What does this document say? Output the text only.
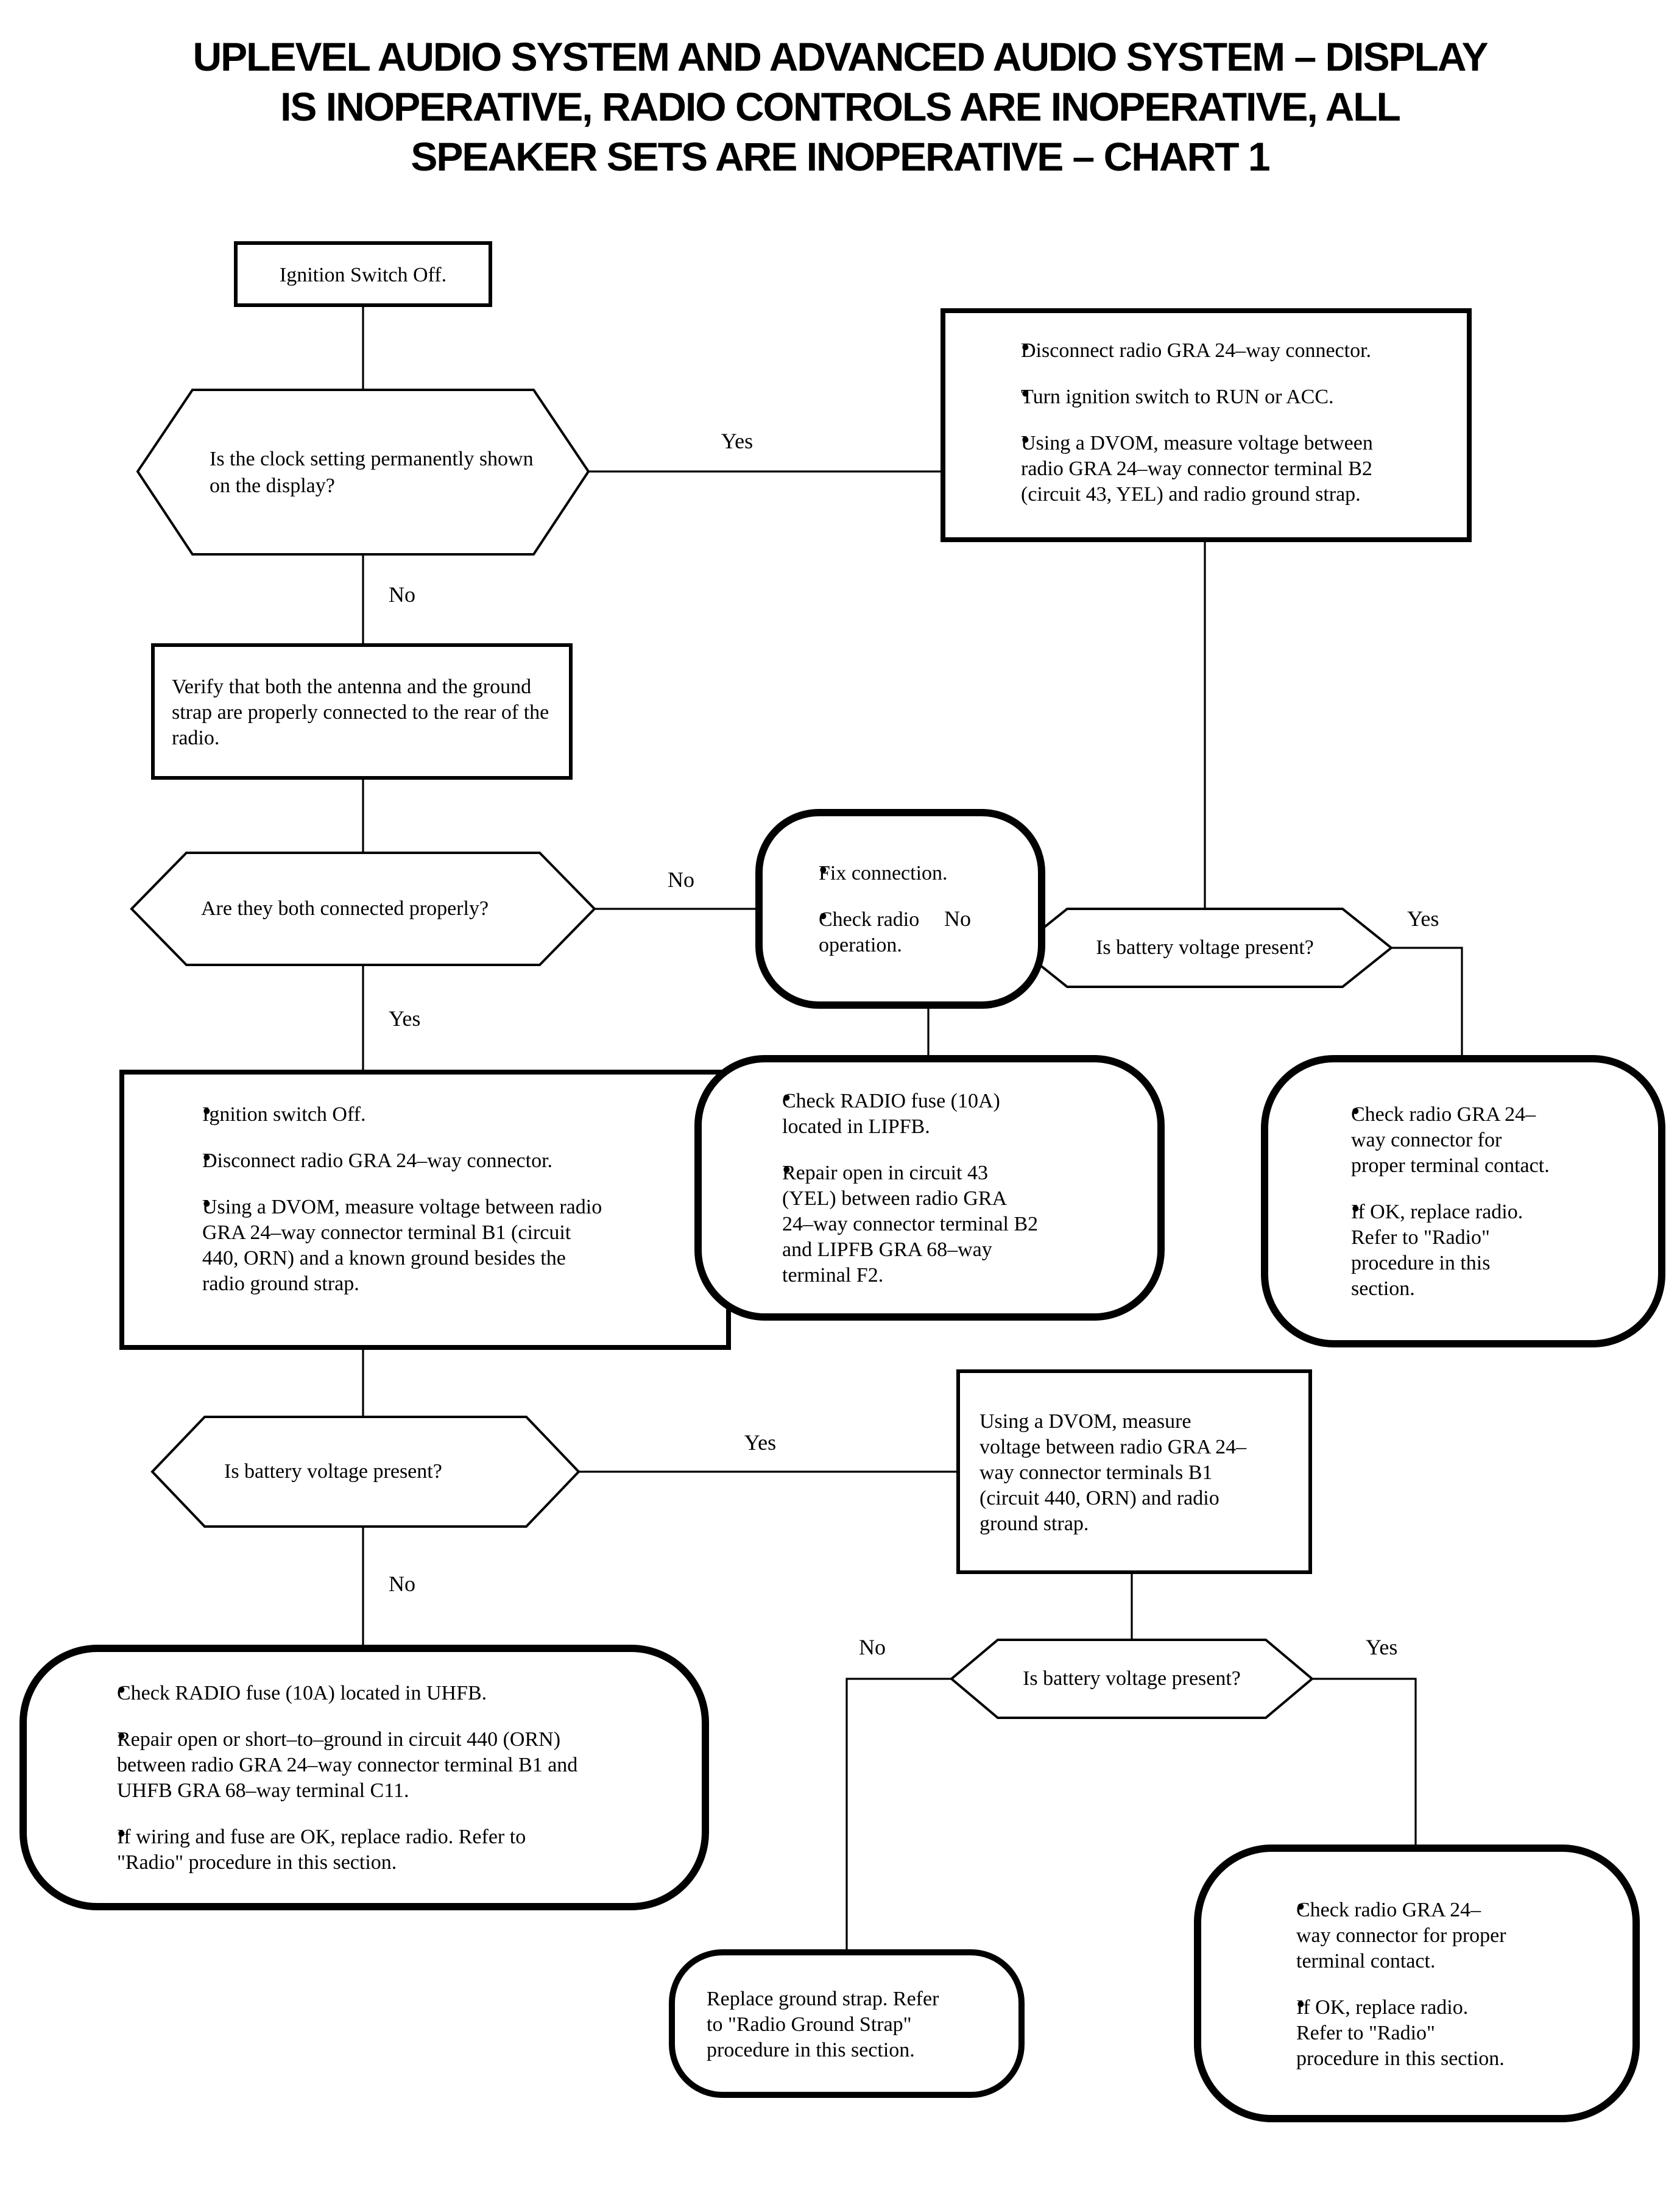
UPLEVEL AUDIO SYSTEM AND ADVANCED AUDIO SYSTEM – DISPLAY
IS INOPERATIVE, RADIO CONTROLS ARE INOPERATIVE, ALL
SPEAKER SETS ARE INOPERATIVE – CHART 1
Ignition Switch Off.
Is the clock setting permanently shown on the display?
• Disconnect radio GRA 24–way connector.
• Turn ignition switch to RUN or ACC.
• Using a DVOM, measure voltage between radio GRA 24–way connector terminal B2 (circuit 43, YEL) and radio ground strap.
Verify that both the antenna and the ground strap are properly connected to the rear of the radio.
Are they both connected properly?
• Fix connection.
• Check radio operation.
• Ignition switch Off.
• Disconnect radio GRA 24–way connector.
• Using a DVOM, measure voltage between radio GRA 24–way connector terminal B1 (circuit 440, ORN) and a known ground besides the radio ground strap.
Is battery voltage present?
• Check RADIO fuse (10A) located in LIPFB.
• Repair open in circuit 43 (YEL) between radio GRA 24–way connector terminal B2 and LIPFB GRA 68–way terminal F2.
• Check radio GRA 24–way connector for proper terminal contact.
• If OK, replace radio. Refer to "Radio" procedure in this section.
Is battery voltage present?
Using a DVOM, measure voltage between radio GRA 24–way connector terminals B1 (circuit 440, ORN) and radio ground strap.
• Check RADIO fuse (10A) located in UHFB.
• Repair open or short–to–ground in circuit 440 (ORN) between radio GRA 24–way connector terminal B1 and UHFB GRA 68–way terminal C11.
• If wiring and fuse are OK, replace radio. Refer to "Radio" procedure in this section.
Is battery voltage present?
Replace ground strap. Refer to "Radio Ground Strap" procedure in this section.
• Check radio GRA 24–way connector for proper terminal contact.
• If OK, replace radio. Refer to "Radio" procedure in this section.
Yes
No
No
Yes
Yes
No
No	Yes
No	Yes
